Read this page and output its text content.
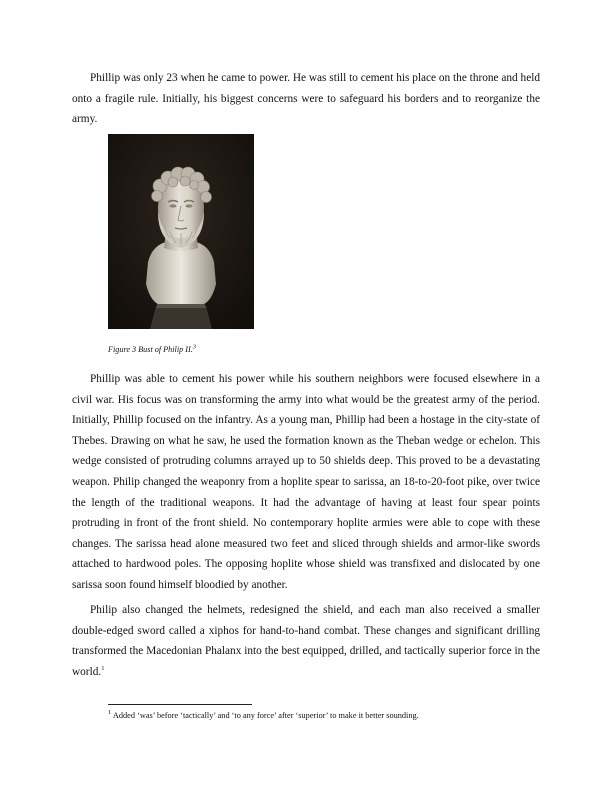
Phillip was only 23 when he came to power. He was still to cement his place on the throne and held onto a fragile rule. Initially, his biggest concerns were to safeguard his borders and to reorganize the army.

Figure 3 Bust of Philip II.$^3$

Phillip was able to cement his power while his southern neighbors were focused elsewhere in a civil war. His focus was on transforming the army into what would be the greatest army of the period. Initially, Phillip focused on the infantry. As a young man, Phillip had been a hostage in the city-state of Thebes. Drawing on what he saw, he used the formation known as the Theban wedge or echelon. This wedge consisted of protruding columns arrayed up to 50 shields deep. This proved to be a devastating weapon. Philip changed the weaponry from a hoplite spear to sarissa, an 18-to-20-foot pike, over twice the length of the traditional weapons. It had the advantage of having at least four spear points protruding in front of the front shield. No contemporary hoplite armies were able to cope with these changes. The sarissa head alone measured two feet and sliced through shields and armor-like swords attached to hardwood poles. The opposing hoplite whose shield was transfixed and dislocated by one sarissa soon found himself bloodied by another.

Philip also changed the helmets, redesigned the shield, and each man also received a smaller double-edged sword called a xiphos for hand-to-hand combat. These changes and significant drilling transformed the Macedonian Phalanx into the best equipped, drilled, and tactically superior force in the world.$^1$

$^1$ Added ‘was’ before ‘tactically’ and ‘to any force’ after ‘superior’ to make it better sounding.
